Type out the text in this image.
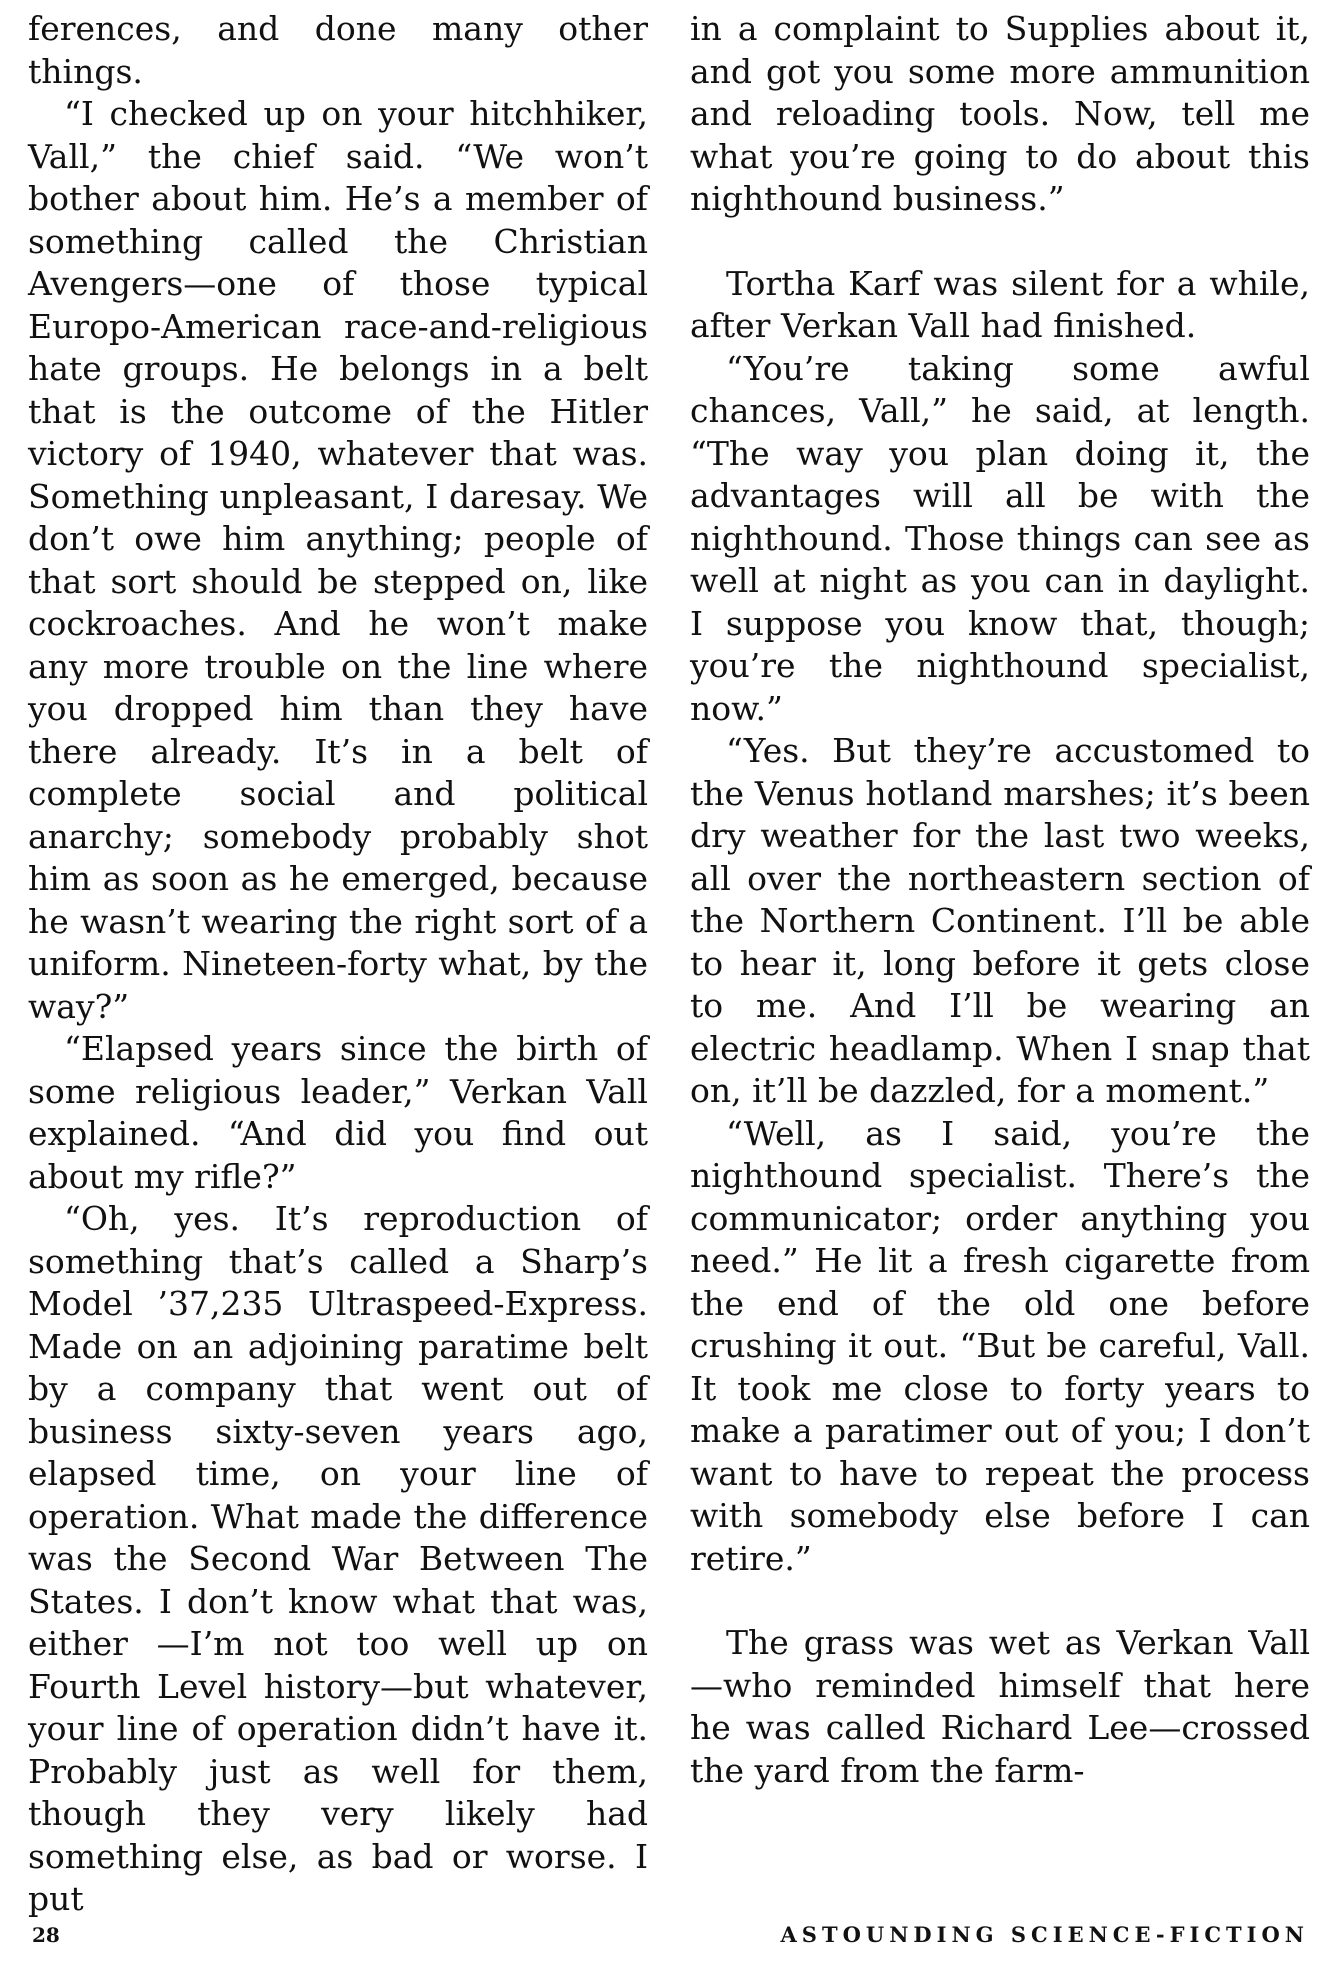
ferences, and done many other things.

“I checked up on your hitchhiker, Vall,” the chief said. “We won’t bother about him. He’s a member of something called the Christian Avengers—one of those typical Europo-American race-and-religious hate groups. He belongs in a belt that is the outcome of the Hitler victory of 1940, whatever that was. Something unpleasant, I daresay. We don’t owe him anything; people of that sort should be stepped on, like cockroaches. And he won’t make any more trouble on the line where you dropped him than they have there already. It’s in a belt of complete social and political anarchy; somebody probably shot him as soon as he emerged, because he wasn’t wearing the right sort of a uniform. Nineteen-forty what, by the way?”

“Elapsed years since the birth of some religious leader,” Verkan Vall explained. “And did you find out about my rifle?”

“Oh, yes. It’s reproduction of something that’s called a Sharp’s Model ’37,235 Ultraspeed-Express. Made on an adjoining paratime belt by a company that went out of business sixty-seven years ago, elapsed time, on your line of operation. What made the difference was the Second War Between The States. I don’t know what that was, either —I’m not too well up on Fourth Level history—but whatever, your line of operation didn’t have it. Probably just as well for them, though they very likely had something else, as bad or worse. I put

in a complaint to Supplies about it, and got you some more ammunition and reloading tools. Now, tell me what you’re going to do about this nighthound business.”

Tortha Karf was silent for a while, after Verkan Vall had finished.

“You’re taking some awful chances, Vall,” he said, at length. “The way you plan doing it, the advantages will all be with the nighthound. Those things can see as well at night as you can in daylight. I suppose you know that, though; you’re the nighthound specialist, now.”

“Yes. But they’re accustomed to the Venus hotland marshes; it’s been dry weather for the last two weeks, all over the northeastern section of the Northern Continent. I’ll be able to hear it, long before it gets close to me. And I’ll be wearing an electric headlamp. When I snap that on, it’ll be dazzled, for a moment.”

“Well, as I said, you’re the nighthound specialist. There’s the communicator; order anything you need.” He lit a fresh cigarette from the end of the old one before crushing it out. “But be careful, Vall. It took me close to forty years to make a paratimer out of you; I don’t want to have to repeat the process with somebody else before I can retire.”

The grass was wet as Verkan Vall—who reminded himself that here he was called Richard Lee—crossed the yard from the farm-

28	ASTOUNDING SCIENCE-FICTION
